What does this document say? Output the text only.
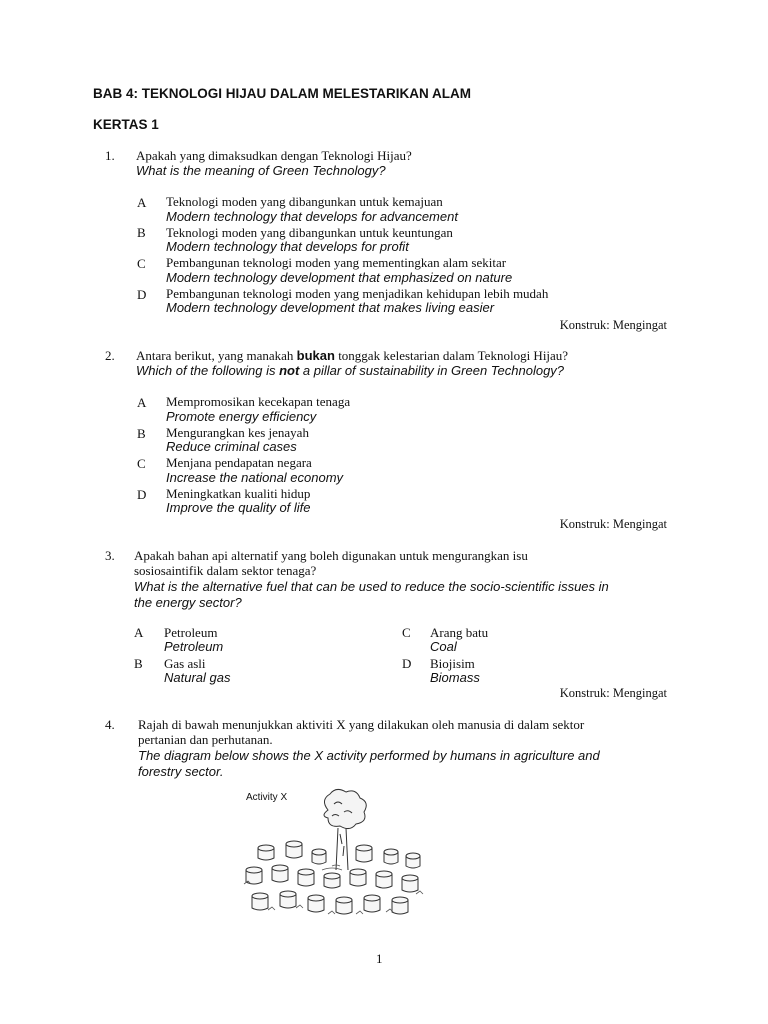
BAB 4: TEKNOLOGI HIJAU DALAM MELESTARIKAN ALAM
KERTAS 1
1. Apakah yang dimaksudkan dengan Teknologi Hijau?
What is the meaning of Green Technology?
A Teknologi moden yang dibangunkan untuk kemajuan
Modern technology that develops for advancement
B Teknologi moden yang dibangunkan untuk keuntungan
Modern technology that develops for profit
C Pembangunan teknologi moden yang mementingkan alam sekitar
Modern technology development that emphasized on nature
D Pembangunan teknologi moden yang menjadikan kehidupan lebih mudah
Modern technology development that makes living easier
Konstruk: Mengingat
2. Antara berikut, yang manakah bukan tonggak kelestarian dalam Teknologi Hijau?
Which of the following is not a pillar of sustainability in Green Technology?
A Mempromosikan kecekapan tenaga
Promote energy efficiency
B Mengurangkan kes jenayah
Reduce criminal cases
C Menjana pendapatan negara
Increase the national economy
D Meningkatkan kualiti hidup
Improve the quality of life
Konstruk: Mengingat
3. Apakah bahan api alternatif yang boleh digunakan untuk mengurangkan isu
sosiosaintifik dalam sektor tenaga?
What is the alternative fuel that can be used to reduce the socio-scientific issues in
the energy sector?
A Petroleum
Petroleum
B Gas asli
Natural gas
C Arang batu
Coal
D Biojisim
Biomass
Konstruk: Mengingat
4. Rajah di bawah menunjukkan aktiviti X yang dilakukan oleh manusia di dalam sektor
pertanian dan perhutanan.
The diagram below shows the X activity performed by humans in agriculture and
forestry sector.
Activity X
1
